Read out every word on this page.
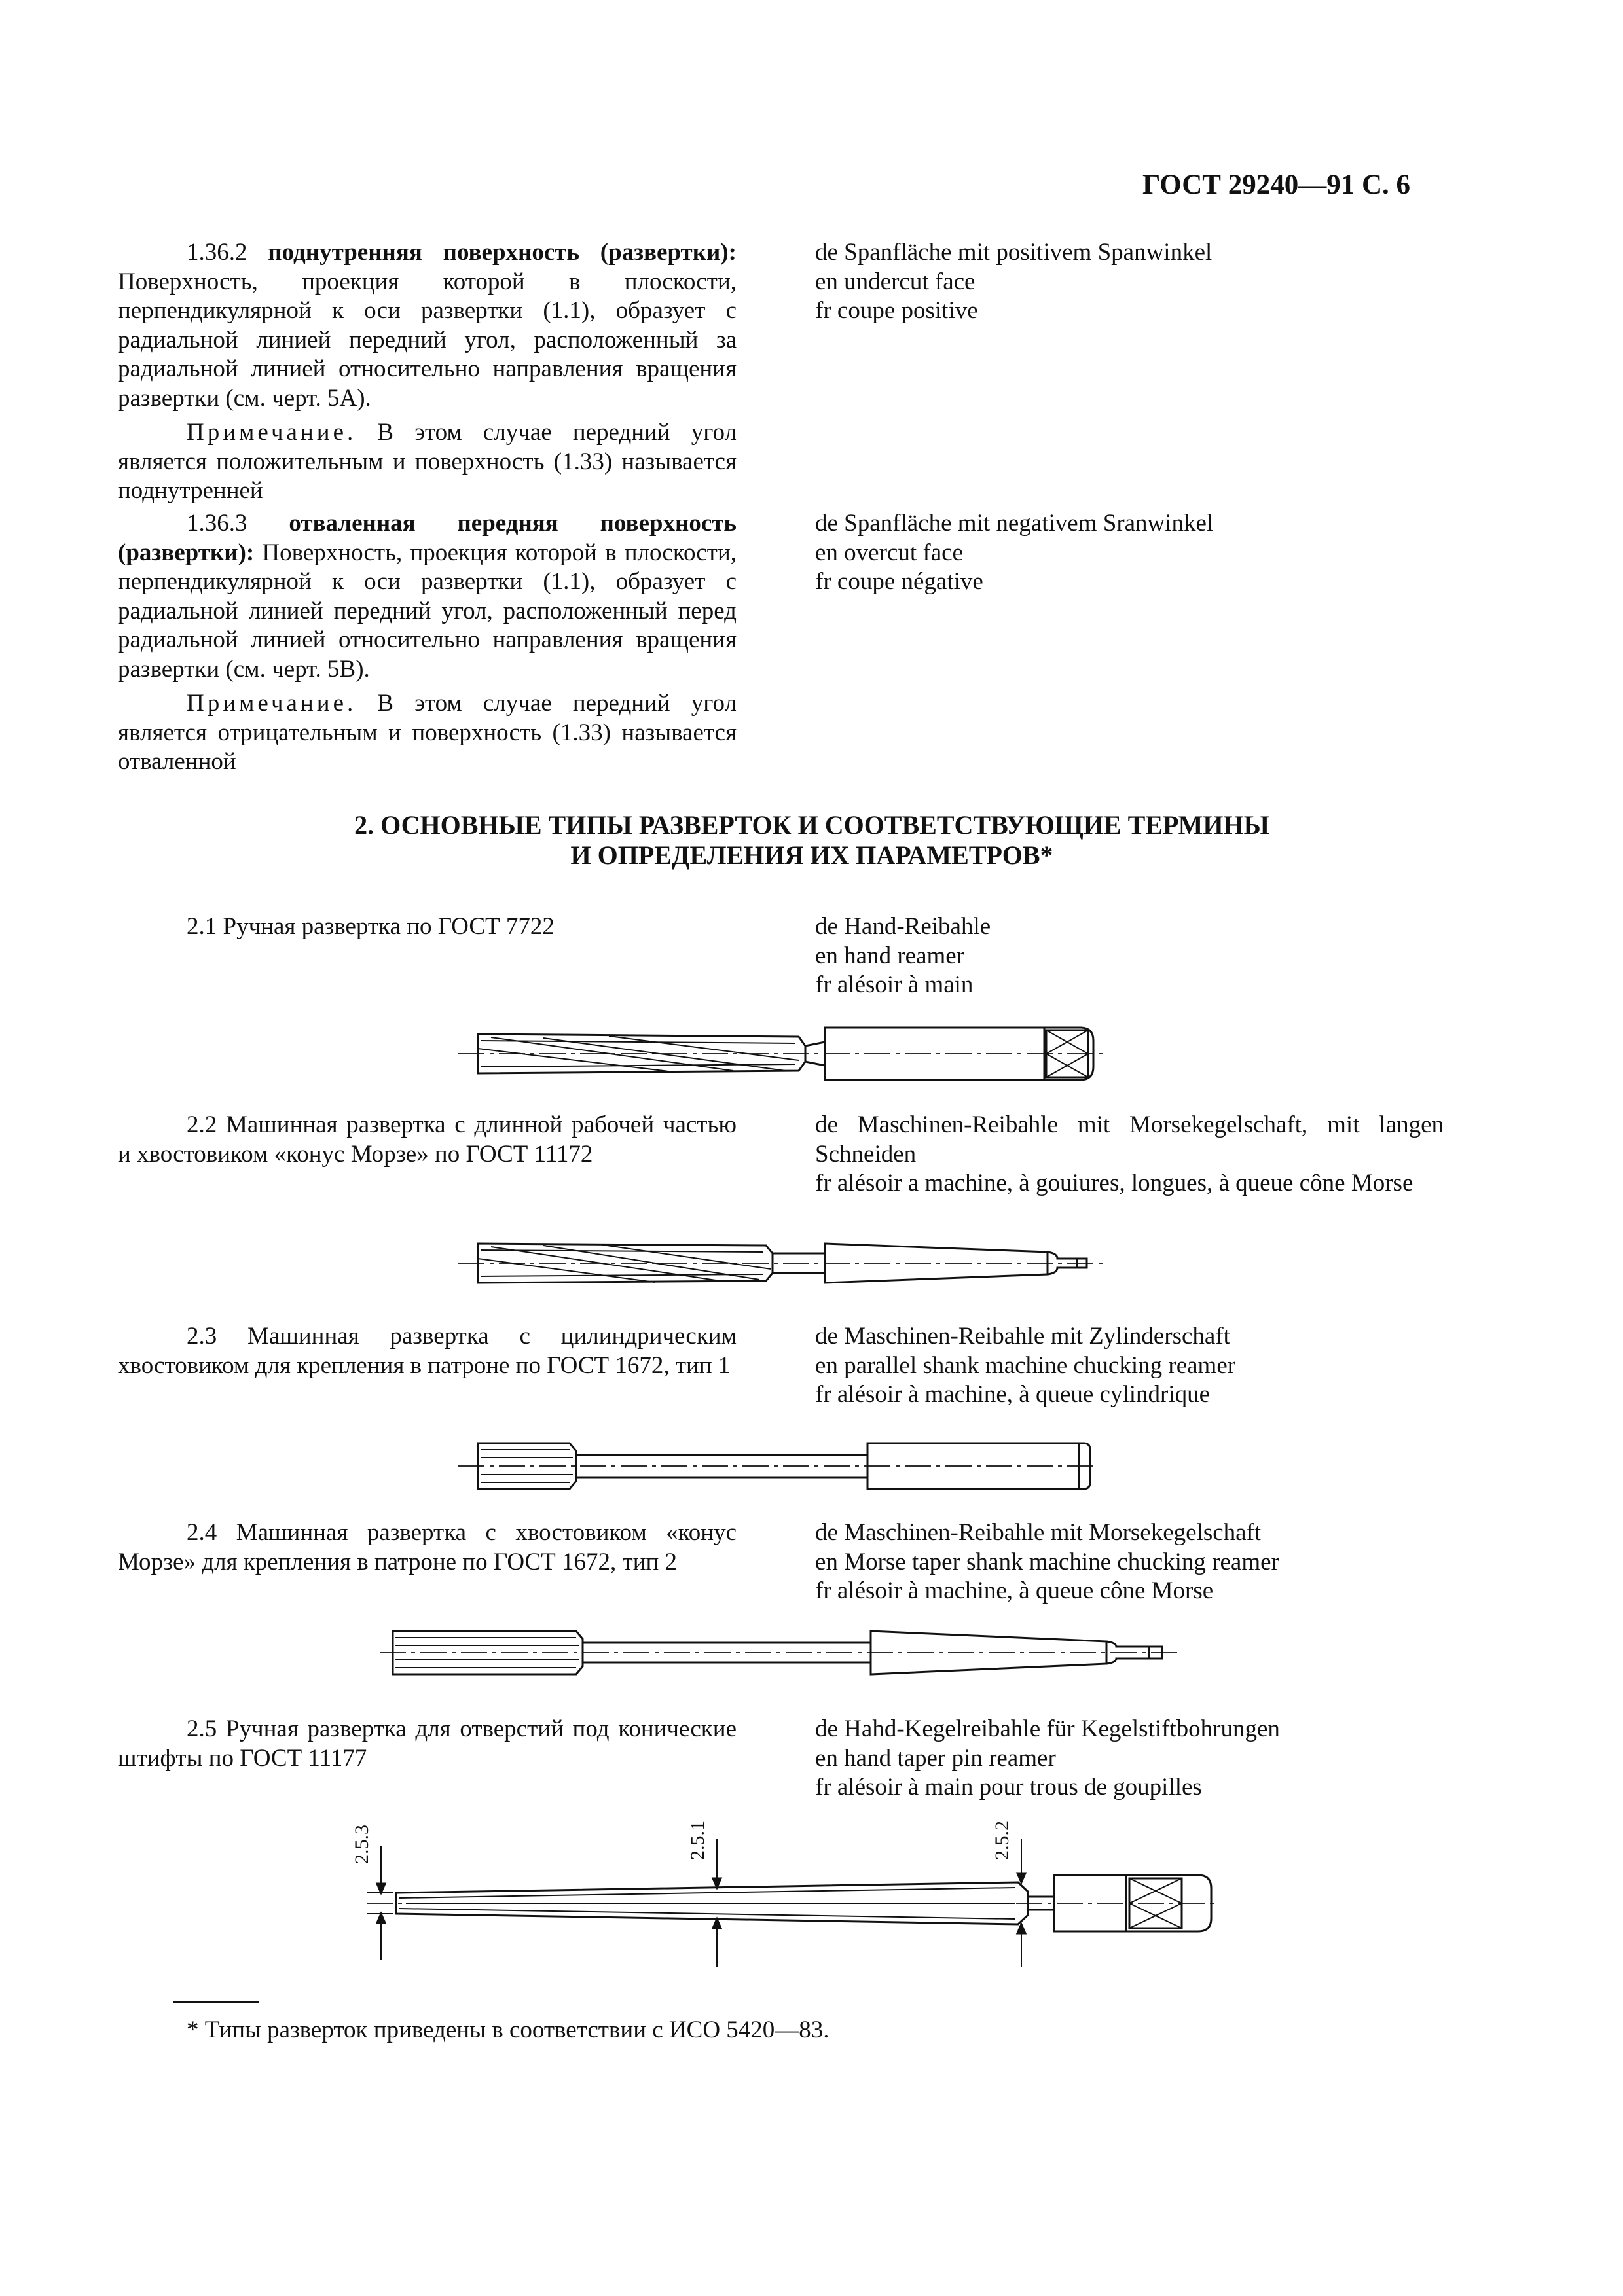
ГОСТ 29240—91 С. 6

1.36.2 поднутренняя поверхность (развертки): Поверхность, проекция которой в плоскости, перпендикулярной к оси развертки (1.1), образует с радиальной линией передний угол, расположенный за радиальной линией относительно направления вращения развертки (см. черт. 5А).

Примечание. В этом случае передний угол является положительным и поверхность (1.33) называется поднутренней

de Spanfläche mit positivem Spanwinkel
en undercut face
fr coupe positive

1.36.3 отваленная передняя поверхность (развертки): Поверхность, проекция которой в плоскости, перпендикулярной к оси развертки (1.1), образует с радиальной линией передний угол, расположенный перед радиальной линией относительно направления вращения развертки (см. черт. 5В).

Примечание. В этом случае передний угол является отрицательным и поверхность (1.33) называется отваленной

de Spanfläche mit negativem Sranwinkel
en overcut face
fr coupe négative
2. ОСНОВНЫЕ ТИПЫ РАЗВЕРТОК И СООТВЕТСТВУЮЩИЕ ТЕРМИНЫ
И ОПРЕДЕЛЕНИЯ ИХ ПАРАМЕТРОВ*

2.1 Ручная развертка по ГОСТ 7722	de Hand-Reibahle
en hand reamer
fr alésoir à main

2.2 Машинная развертка с длинной рабочей частью и хвостовиком «конус Морзе» по ГОСТ 11172

de Maschinen-Reibahle mit Morsekegelschaft, mit langen Schneiden

fr alésoir a machine, à gouiures, longues, à queue cône Morse

2.3 Машинная развертка с цилиндрическим хвостовиком для крепления в патроне по ГОСТ 1672, тип 1

de Maschinen-Reibahle mit Zylinderschaft
en parallel shank machine chucking reamer
fr alésoir à machine, à queue cylindrique

2.4 Машинная развертка с хвостовиком «конус Морзе» для крепления в патроне по ГОСТ 1672, тип 2

de Maschinen-Reibahle mit Morsekegelschaft
en Morse taper shank machine chucking reamer
fr alésoir à machine, à queue cône Morse

2.5 Ручная развертка для отверстий под конические штифты по ГОСТ 11177

de Hahd-Kegelreibahle für Kegelstiftbohrungen
en hand taper pin reamer
fr alésoir à main pour trous de goupilles
2.5.3	2.5.1	2.5.2
* Типы разверток приведены в соответствии с ИСО 5420—83.
